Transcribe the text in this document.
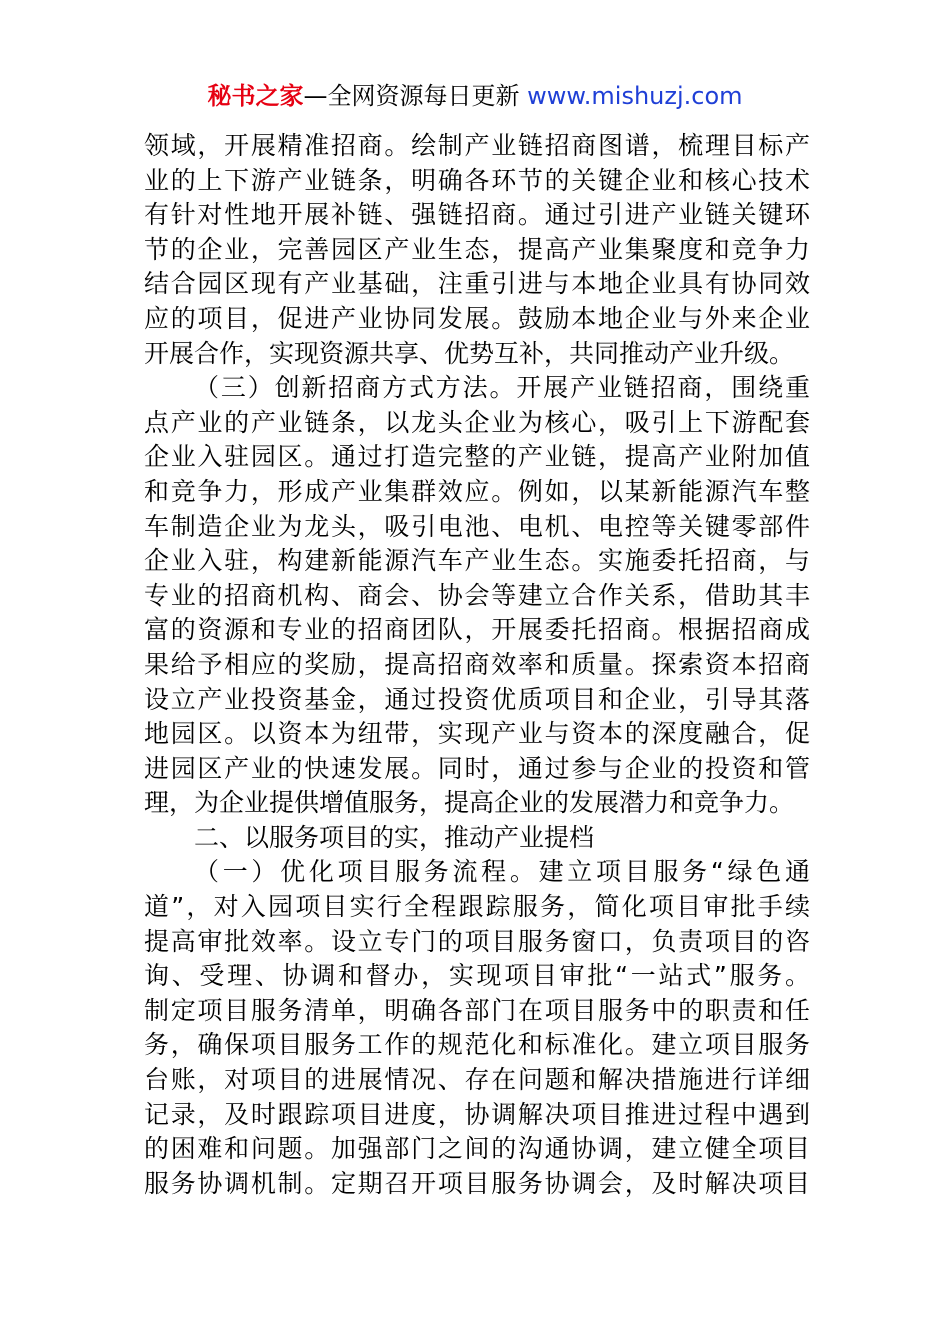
秘书之家—全网资源每日更新 www.mishuzj.com
领域，开展精准招商。绘制产业链招商图谱，梳理目标产
业的上下游产业链条，明确各环节的关键企业和核心技术
有针对性地开展补链、强链招商。通过引进产业链关键环
节的企业，完善园区产业生态，提高产业集聚度和竞争力
结合园区现有产业基础，注重引进与本地企业具有协同效
应的项目，促进产业协同发展。鼓励本地企业与外来企业
开展合作，实现资源共享、优势互补，共同推动产业升级。
（三）创新招商方式方法。开展产业链招商，围绕重
点产业的产业链条，以龙头企业为核心，吸引上下游配套
企业入驻园区。通过打造完整的产业链，提高产业附加值
和竞争力，形成产业集群效应。例如，以某新能源汽车整
车制造企业为龙头，吸引电池、电机、电控等关键零部件
企业入驻，构建新能源汽车产业生态。实施委托招商，与
专业的招商机构、商会、协会等建立合作关系，借助其丰
富的资源和专业的招商团队，开展委托招商。根据招商成
果给予相应的奖励，提高招商效率和质量。探索资本招商
设立产业投资基金，通过投资优质项目和企业，引导其落
地园区。以资本为纽带，实现产业与资本的深度融合，促
进园区产业的快速发展。同时，通过参与企业的投资和管
理，为企业提供增值服务，提高企业的发展潜力和竞争力。
二、以服务项目的实，推动产业提档
（一）优化项目服务流程。建立项目服务“绿色通
道”，对入园项目实行全程跟踪服务，简化项目审批手续
提高审批效率。设立专门的项目服务窗口，负责项目的咨
询、受理、协调和督办，实现项目审批“一站式”服务。
制定项目服务清单，明确各部门在项目服务中的职责和任
务，确保项目服务工作的规范化和标准化。建立项目服务
台账，对项目的进展情况、存在问题和解决措施进行详细
记录，及时跟踪项目进度，协调解决项目推进过程中遇到
的困难和问题。加强部门之间的沟通协调，建立健全项目
服务协调机制。定期召开项目服务协调会，及时解决项目
